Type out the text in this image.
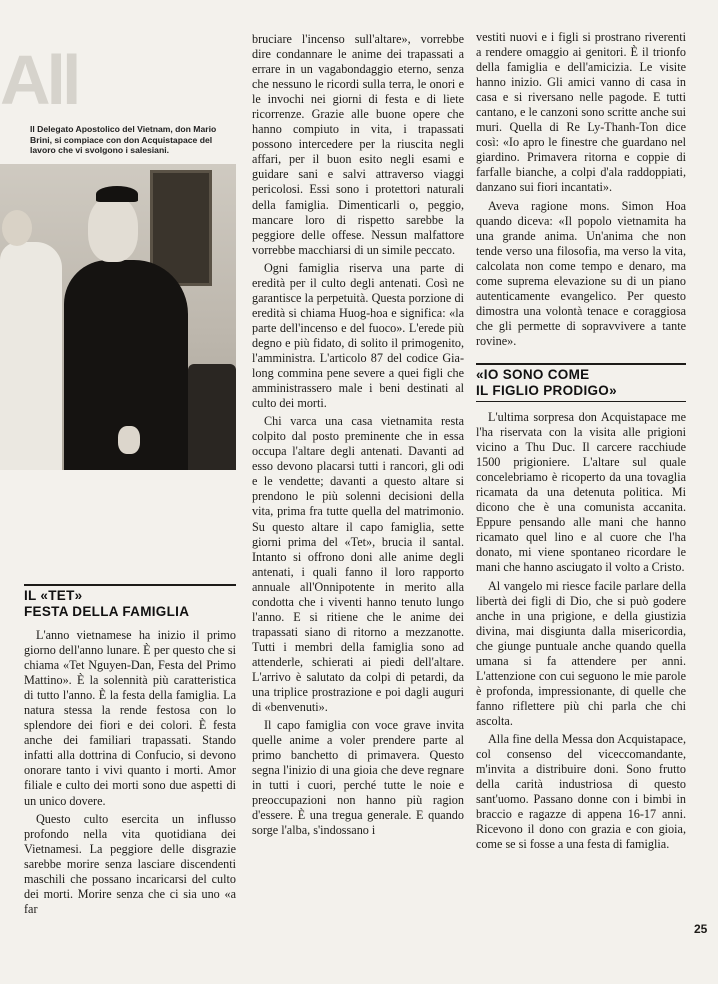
All
Il Delegato Apostolico del Vietnam, don Mario Brini, si compiace con don Acquistapace del lavoro che vi svolgono i salesiani.
IL «TET»
FESTA DELLA FAMIGLIA

L'anno vietnamese ha inizio il primo giorno dell'anno lunare. È per questo che si chiama «Tet Nguyen-Dan, Festa del Primo Mattino». È la solennità più caratteristica di tutto l'anno. È la festa della famiglia. La natura stessa la rende festosa con lo splendore dei fiori e dei colori. È festa anche dei familiari trapassati. Stando infatti alla dottrina di Confucio, si devono onorare tanto i vivi quanto i morti. Amor filiale e culto dei morti sono due aspetti di un unico dovere.

Questo culto esercita un influsso profondo nella vita quotidiana dei Vietnamesi. La peggiore delle disgrazie sarebbe morire senza lasciare discendenti maschili che possano incaricarsi del culto dei morti. Morire senza che ci sia uno «a far

bruciare l'incenso sull'altare», vorrebbe dire condannare le anime dei trapassati a errare in un vagabondaggio eterno, senza che nessuno le ricordi sulla terra, le onori e le invochi nei giorni di festa e di liete ricorrenze. Grazie alle buone opere che hanno compiuto in vita, i trapassati possono intercedere per la riuscita negli affari, per il buon esito negli esami e guidare sani e salvi attraverso viaggi pericolosi. Essi sono i protettori naturali della famiglia. Dimenticarli o, peggio, mancare loro di rispetto sarebbe la peggiore delle offese. Nessun malfattore vorrebbe macchiarsi di un simile peccato.

Ogni famiglia riserva una parte di eredità per il culto degli antenati. Così ne garantisce la perpetuità. Questa porzione di eredità si chiama Huog-hoa e significa: «la parte dell'incenso e del fuoco». L'erede più degno e più fidato, di solito il primogenito, l'amministra. L'articolo 87 del codice Gia-long commina pene severe a quei figli che amministrassero male i beni destinati al culto dei morti.

Chi varca una casa vietnamita resta colpito dal posto preminente che in essa occupa l'altare degli antenati. Davanti ad esso devono placarsi tutti i rancori, gli odi e le vendette; davanti a questo altare si prendono le più solenni decisioni della vita, prima fra tutte quella del matrimonio. Su questo altare il capo famiglia, sette giorni prima del «Tet», brucia il santal. Intanto si offrono doni alle anime degli antenati, i quali fanno il loro rapporto annuale all'Onnipotente in merito alla condotta che i viventi hanno tenuto lungo l'anno. E si ritiene che le anime dei trapassati siano di ritorno a mezzanotte. Tutti i membri della famiglia sono ad attenderle, schierati ai piedi dell'altare. L'arrivo è salutato da colpi di petardi, da una triplice prostrazione e poi dagli auguri di «benvenuti».

Il capo famiglia con voce grave invita quelle anime a voler prendere parte al primo banchetto di primavera. Questo segna l'inizio di una gioia che deve regnare in tutti i cuori, perché tutte le noie e preoccupazioni non hanno più ragion d'essere. È una tregua generale. E quando sorge l'alba, s'indossano i

vestiti nuovi e i figli si prostrano riverenti a rendere omaggio ai genitori. È il trionfo della famiglia e dell'amicizia. Le visite hanno inizio. Gli amici vanno di casa in casa e si riversano nelle pagode. E tutti cantano, e le canzoni sono scritte anche sui muri. Quella di Re Ly-Thanh-Ton dice così: «Io apro le finestre che guardano nel giardino. Primavera ritorna e coppie di farfalle bianche, a colpi d'ala raddoppiati, danzano sui fiori incantati».

Aveva ragione mons. Simon Hoa quando diceva: «Il popolo vietnamita ha una grande anima. Un'anima che non tende verso una filosofia, ma verso la vita, calcolata non come tempo e denaro, ma come suprema elevazione su di un piano autenticamente evangelico. Per questo dimostra una volontà tenace e coraggiosa che gli permette di sopravvivere a tante rovine».

«IO SONO COME
IL FIGLIO PRODIGO»

L'ultima sorpresa don Acquistapace me l'ha riservata con la visita alle prigioni vicino a Thu Duc. Il carcere racchiude 1500 prigioniere. L'altare sul quale concelebriamo è ricoperto da una tovaglia ricamata da una detenuta politica. Mi dicono che è una comunista accanita. Eppure pensando alle mani che hanno ricamato quel lino e al cuore che l'ha donato, mi viene spontaneo ricordare le mani che hanno asciugato il volto a Cristo.

Al vangelo mi riesce facile parlare della libertà dei figli di Dio, che si può godere anche in una prigione, e della giustizia divina, mai disgiunta dalla misericordia, che giunge puntuale anche quando quella umana si fa attendere per anni. L'attenzione con cui seguono le mie parole è profonda, impressionante, di quelle che fanno riflettere più chi parla che chi ascolta.

Alla fine della Messa don Acquistapace, col consenso del viceccomandante, m'invita a distribuire doni. Sono frutto della carità industriosa di questo sant'uomo. Passano donne con i bimbi in braccio e ragazze di appena 16-17 anni. Ricevono il dono con grazia e con gioia, come se si fosse a una festa di famiglia.

25
